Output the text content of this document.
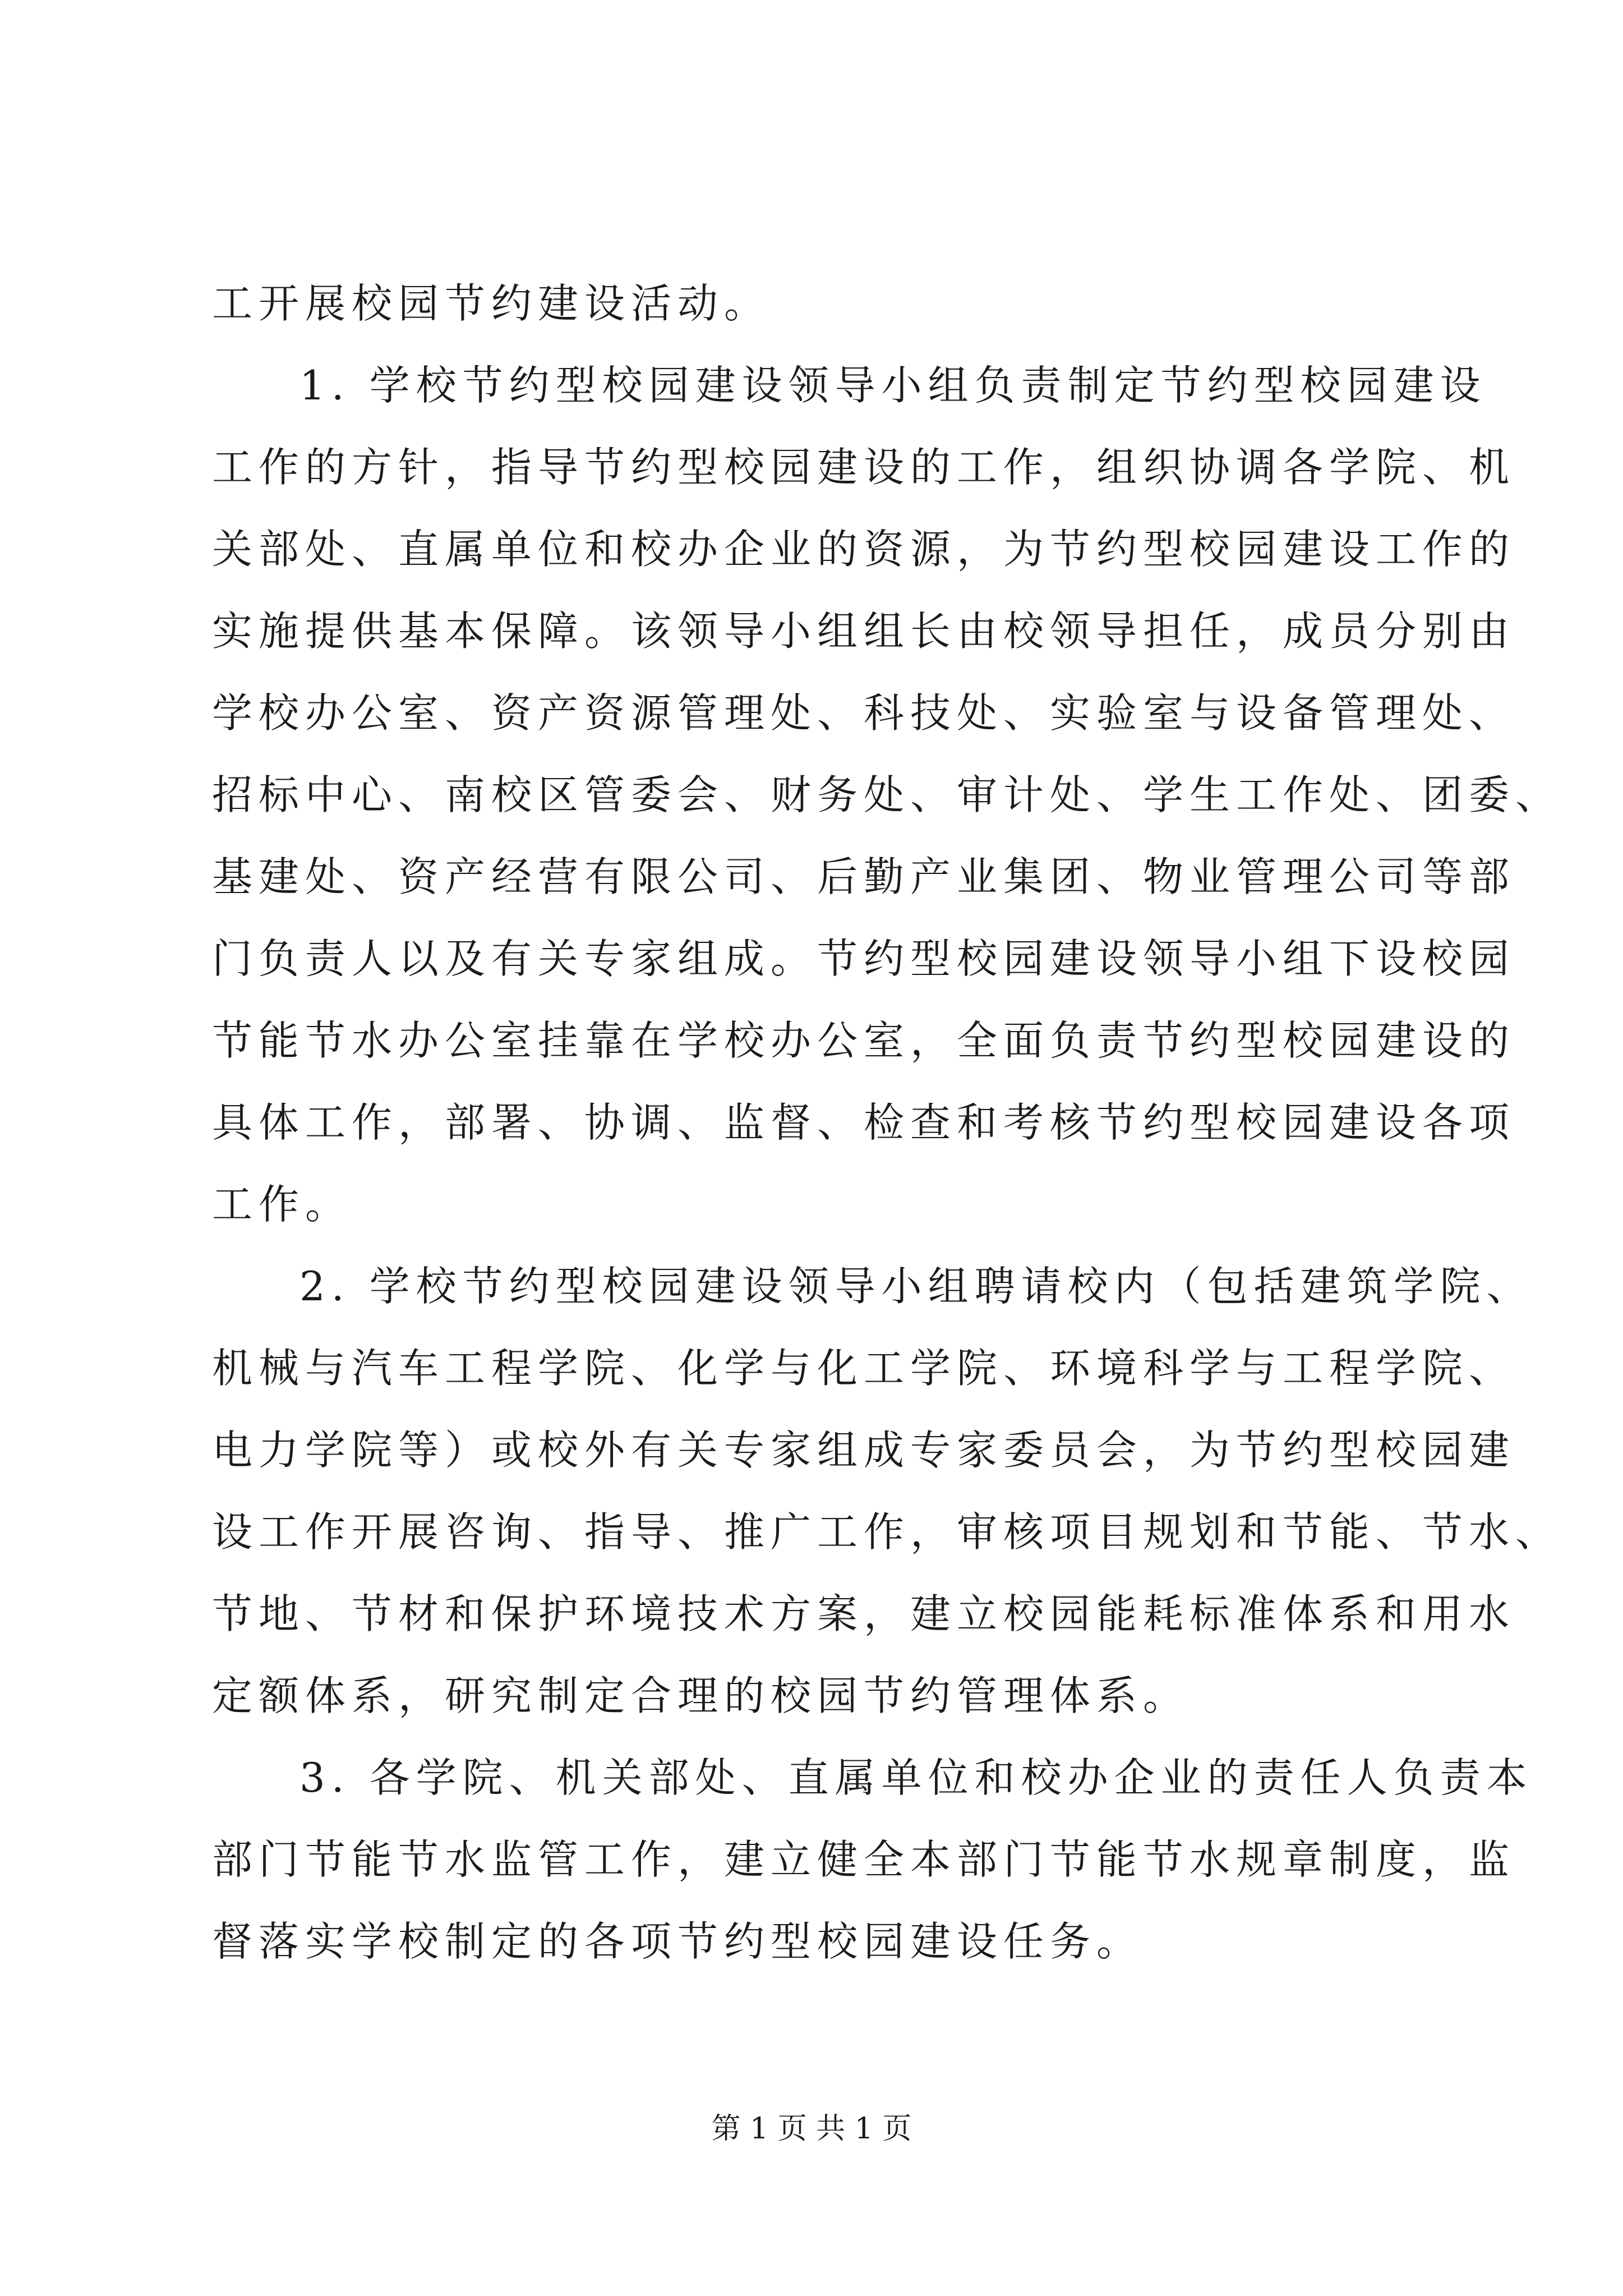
工开展校园节约建设活动。
1. 学校节约型校园建设领导小组负责制定节约型校园建设
工作的方针，指导节约型校园建设的工作，组织协调各学院、机
关部处、直属单位和校办企业的资源，为节约型校园建设工作的
实施提供基本保障。该领导小组组长由校领导担任，成员分别由
学校办公室、资产资源管理处、科技处、实验室与设备管理处、
招标中心、南校区管委会、财务处、审计处、学生工作处、团委、
基建处、资产经营有限公司、后勤产业集团、物业管理公司等部
门负责人以及有关专家组成。节约型校园建设领导小组下设校园
节能节水办公室挂靠在学校办公室，全面负责节约型校园建设的
具体工作，部署、协调、监督、检查和考核节约型校园建设各项
工作。
2. 学校节约型校园建设领导小组聘请校内（包括建筑学院、
机械与汽车工程学院、化学与化工学院、环境科学与工程学院、
电力学院等）或校外有关专家组成专家委员会，为节约型校园建
设工作开展咨询、指导、推广工作，审核项目规划和节能、节水、
节地、节材和保护环境技术方案，建立校园能耗标准体系和用水
定额体系，研究制定合理的校园节约管理体系。
3. 各学院、机关部处、直属单位和校办企业的责任人负责本
部门节能节水监管工作，建立健全本部门节能节水规章制度，监
督落实学校制定的各项节约型校园建设任务。
第 1 页 共 1 页
